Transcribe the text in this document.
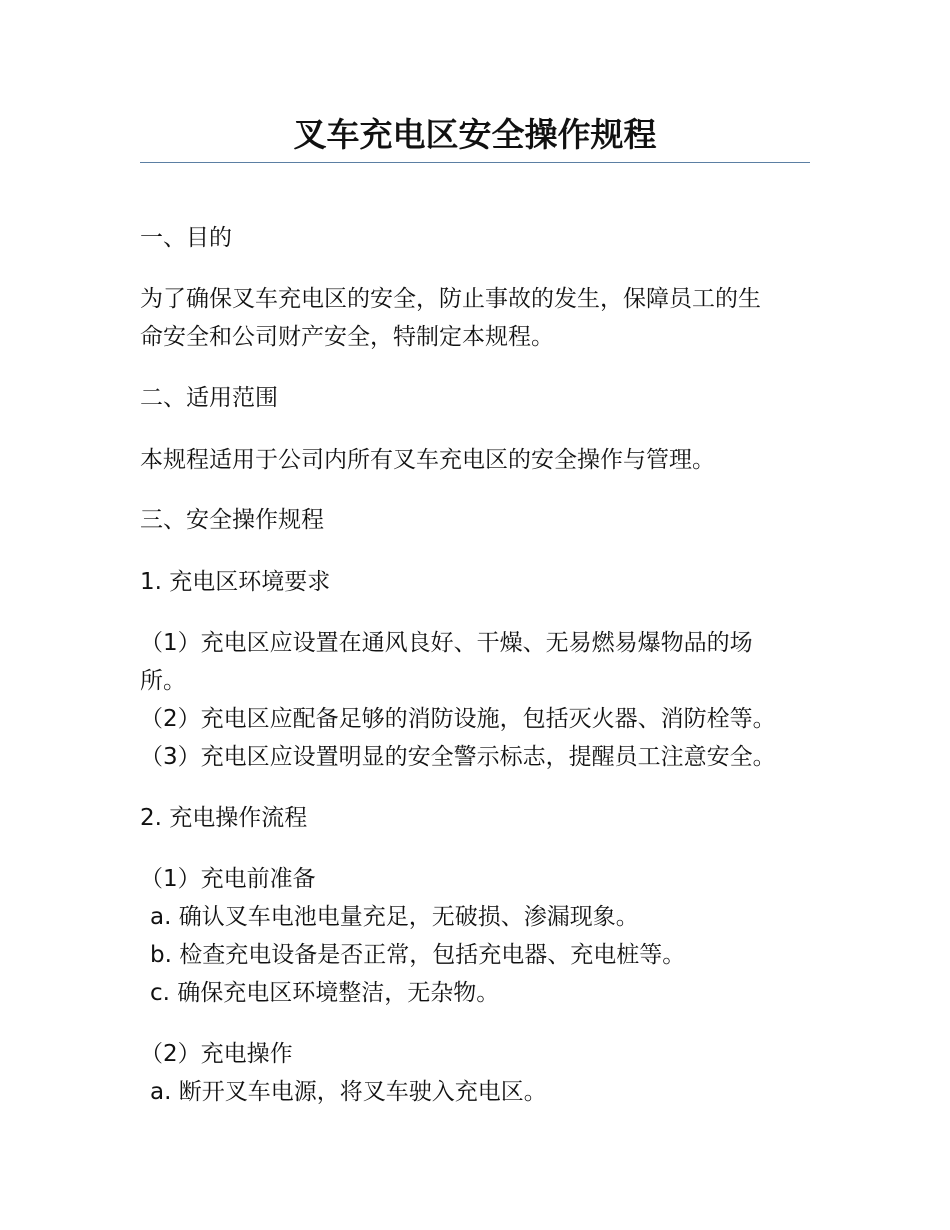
叉车充电区安全操作规程

一、目的

为了确保叉车充电区的安全，防止事故的发生，保障员工的生

命安全和公司财产安全，特制定本规程。

二、适用范围

本规程适用于公司内所有叉车充电区的安全操作与管理。

三、安全操作规程

1. 充电区环境要求

（1）充电区应设置在通风良好、干燥、无易燃易爆物品的场

所。

（2）充电区应配备足够的消防设施，包括灭火器、消防栓等。

（3）充电区应设置明显的安全警示标志，提醒员工注意安全。

2. 充电操作流程

（1）充电前准备

a. 确认叉车电池电量充足，无破损、渗漏现象。

b. 检查充电设备是否正常，包括充电器、充电桩等。

c. 确保充电区环境整洁，无杂物。

（2）充电操作

a. 断开叉车电源，将叉车驶入充电区。
